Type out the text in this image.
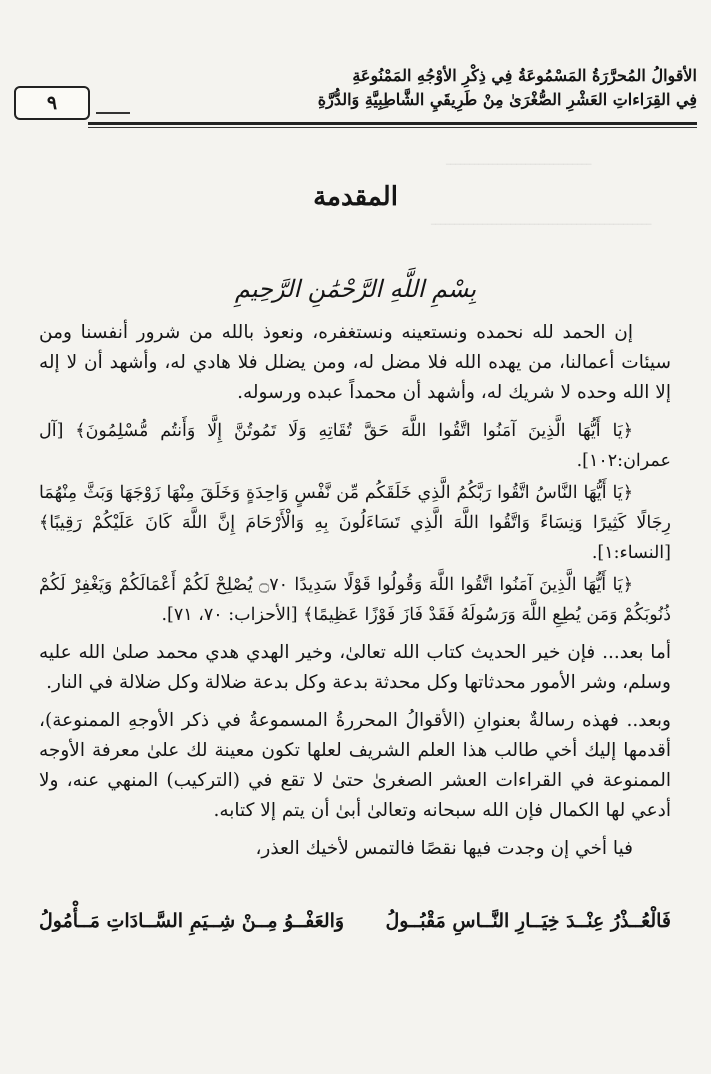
ـــــــــــــــــــــــــــــــ
ـــــــــــــــــــــــــــــــــــــــــــــــ
الأقوالُ المُحرَّرَةُ المَسْمُوعَةُ فِي ذِكْرِ الأوْجُهِ المَمْنُوعَةِ
فِي القِرَاءاتِ العَشْرِ الصُّغْرَىٰ مِنْ طَرِيقَيِ الشَّاطِبِيَّةِ وَالدُّرَّةِ
٩
المقدمة
بِسْمِ اللَّهِ الرَّحْمَٰنِ الرَّحِيمِ

إن الحمد لله نحمده ونستعينه ونستغفره، ونعوذ بالله من شرور أنفسنا ومن سيئات أعمالنا، من يهده الله فلا مضل له، ومن يضلل فلا هادي له، وأشهد أن لا إله إلا الله وحده لا شريك له، وأشهد أن محمداً عبده ورسوله.

﴿يَا أَيُّهَا الَّذِينَ آمَنُوا اتَّقُوا اللَّهَ حَقَّ تُقَاتِهِ وَلَا تَمُوتُنَّ إِلَّا وَأَنتُم مُّسْلِمُونَ﴾ [آل عمران:١٠٢].

﴿يَا أَيُّهَا النَّاسُ اتَّقُوا رَبَّكُمُ الَّذِي خَلَقَكُم مِّن نَّفْسٍ وَاحِدَةٍ وَخَلَقَ مِنْهَا زَوْجَهَا وَبَثَّ مِنْهُمَا رِجَالًا كَثِيرًا وَنِسَاءً وَاتَّقُوا اللَّهَ الَّذِي تَسَاءَلُونَ بِهِ وَالْأَرْحَامَ إِنَّ اللَّهَ كَانَ عَلَيْكُمْ رَقِيبًا﴾ [النساء:١].

﴿يَا أَيُّهَا الَّذِينَ آمَنُوا اتَّقُوا اللَّهَ وَقُولُوا قَوْلًا سَدِيدًا ۝٧٠ يُصْلِحْ لَكُمْ أَعْمَالَكُمْ وَيَغْفِرْ لَكُمْ ذُنُوبَكُمْ وَمَن يُطِعِ اللَّهَ وَرَسُولَهُ فَقَدْ فَازَ فَوْزًا عَظِيمًا﴾ [الأحزاب: ٧٠، ٧١].

أما بعد... فإن خير الحديث كتاب الله تعالىٰ، وخير الهدي هدي محمد صلىٰ الله عليه وسلم، وشر الأمور محدثاتها وكل محدثة بدعة وكل بدعة ضلالة وكل ضلالة في النار.

وبعد.. فهذه رسالةٌ بعنوانِ (الأقوالُ المحررةُ المسموعةُ في ذكر الأوجهِ الممنوعة)، أقدمها إليك أخي طالب هذا العلم الشريف لعلها تكون معينة لك علىٰ معرفة الأوجه الممنوعة في القراءات العشر الصغرىٰ حتىٰ لا تقع في (التركيب) المنهي عنه، ولا أدعي لها الكمال فإن الله سبحانه وتعالىٰ أبىٰ أن يتم إلا كتابه.

فيا أخي إن وجدت فيها نقصًا فالتمس لأخيك العذر،

فَالْعُــذْرُ عِنْــدَ خِيَــارِ النَّــاسِ مَقْبُــولُ
وَالعَفْــوُ مِــنْ شِــيَمِ السَّــادَاتِ مَــأْمُولُ
